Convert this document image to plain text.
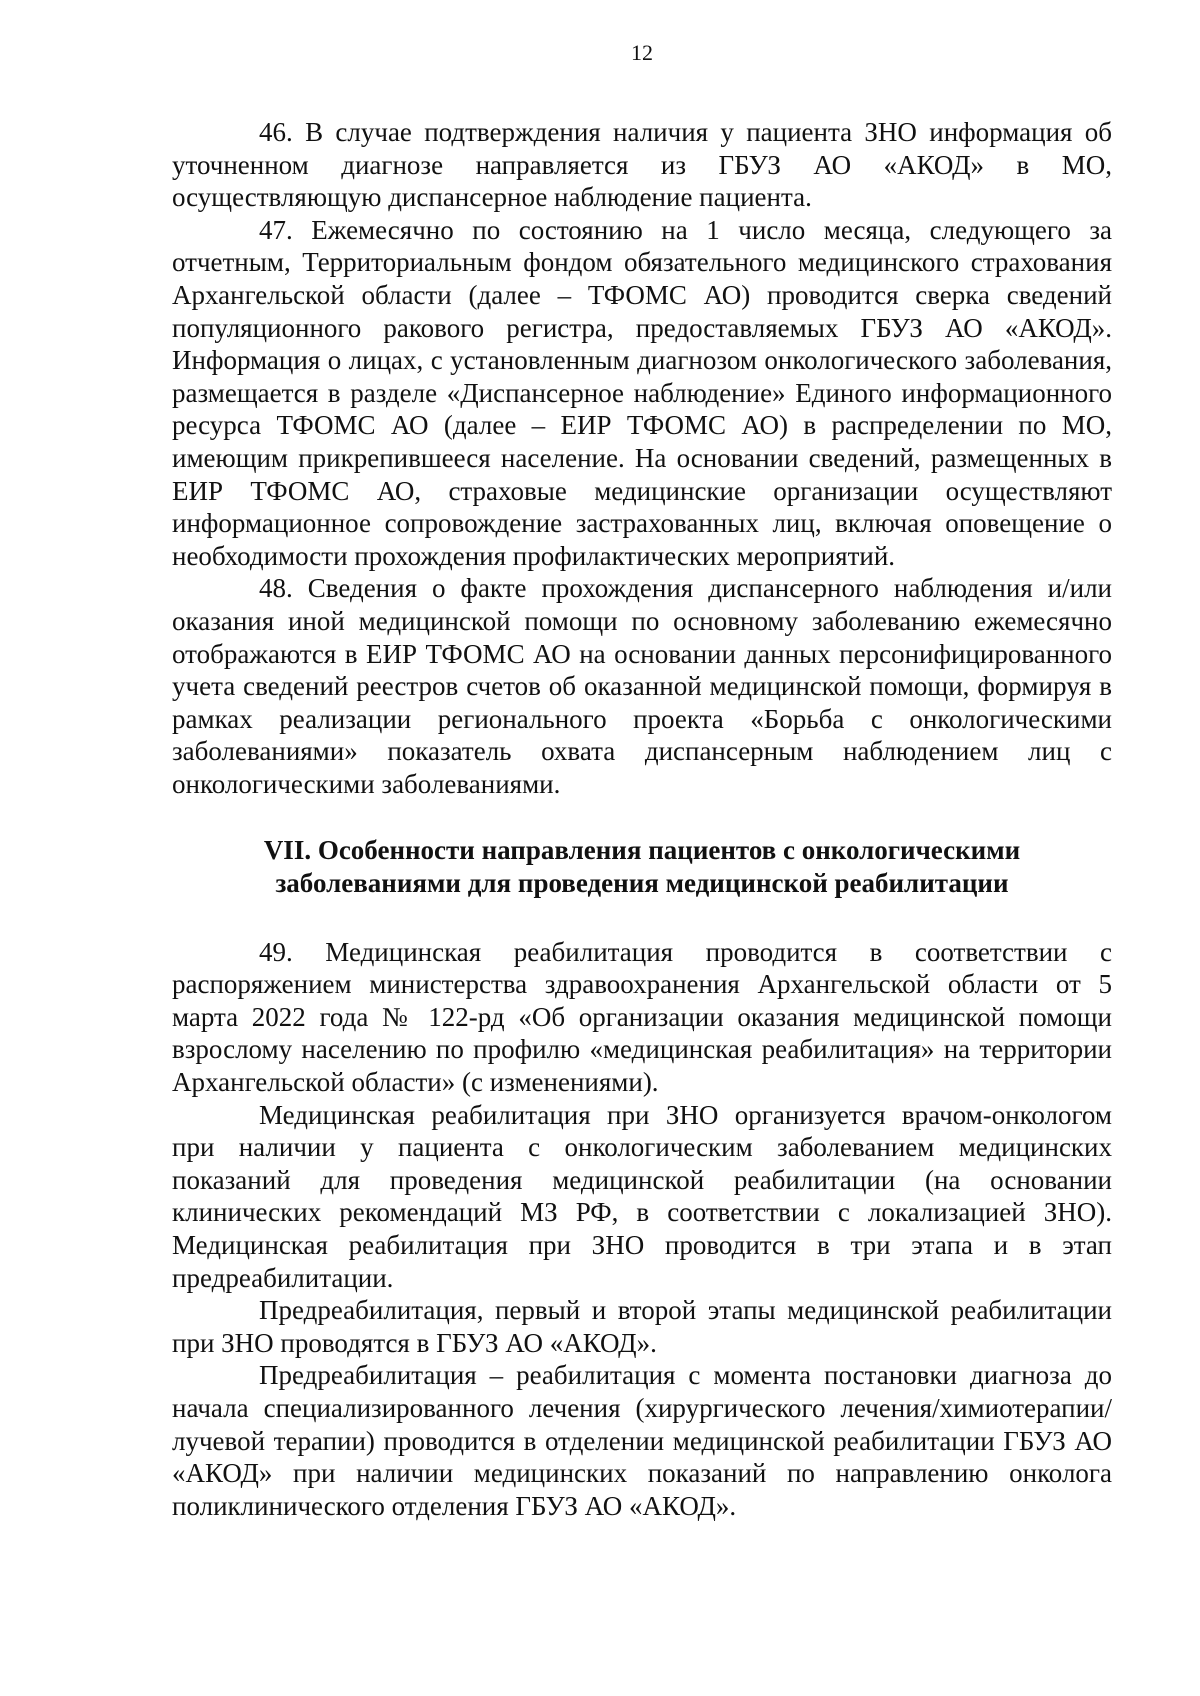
12

46. В случае подтверждения наличия у пациента ЗНО информация об уточненном диагнозе направляется из ГБУЗ АО «АКОД» в МО, осуществляющую диспансерное наблюдение пациента.

47. Ежемесячно по состоянию на 1 число месяца, следующего за отчетным, Территориальным фондом обязательного медицинского страхования Архангельской области (далее – ТФОМС АО) проводится сверка сведений популяционного ракового регистра, предоставляемых ГБУЗ АО «АКОД». Информация о лицах, с установленным диагнозом онкологического заболевания, размещается в разделе «Диспансерное наблюдение» Единого информационного ресурса ТФОМС АО (далее – ЕИР ТФОМС АО) в распределении по МО, имеющим прикрепившееся население. На основании сведений, размещенных в ЕИР ТФОМС АО, страховые медицинские организации осуществляют информационное сопровождение застрахованных лиц, включая оповещение о необходимости прохождения профилактических мероприятий.

48. Сведения о факте прохождения диспансерного наблюдения и/или оказания иной медицинской помощи по основному заболеванию ежемесячно отображаются в ЕИР ТФОМС АО на основании данных персонифицированного учета сведений реестров счетов об оказанной медицинской помощи, формируя в рамках реализации регионального проекта «Борьба с онкологическими заболеваниями» показатель охвата диспансерным наблюдением лиц с онкологическими заболеваниями.

VII. Особенности направления пациентов с онкологическими
заболеваниями для проведения медицинской реабилитации

49. Медицинская реабилитация проводится в соответствии с распоряжением министерства здравоохранения Архангельской области от 5 марта 2022 года № 122-рд «Об организации оказания медицинской помощи взрослому населению по профилю «медицинская реабилитация» на территории Архангельской области» (с изменениями).

Медицинская реабилитация при ЗНО организуется врачом-онкологом при наличии у пациента с онкологическим заболеванием медицинских показаний для проведения медицинской реабилитации (на основании клинических рекомендаций МЗ РФ, в соответствии с локализацией ЗНО). Медицинская реабилитация при ЗНО проводится в три этапа и в этап предреабилитации.

Предреабилитация, первый и второй этапы медицинской реабилитации при ЗНО проводятся в ГБУЗ АО «АКОД».

Предреабилитация – реабилитация с момента постановки диагноза до начала специализированного лечения (хирургического лечения/химиотерапии/лучевой терапии) проводится в отделении медицинской реабилитации ГБУЗ АО «АКОД» при наличии медицинских показаний по направлению онколога поликлинического отделения ГБУЗ АО «АКОД».
